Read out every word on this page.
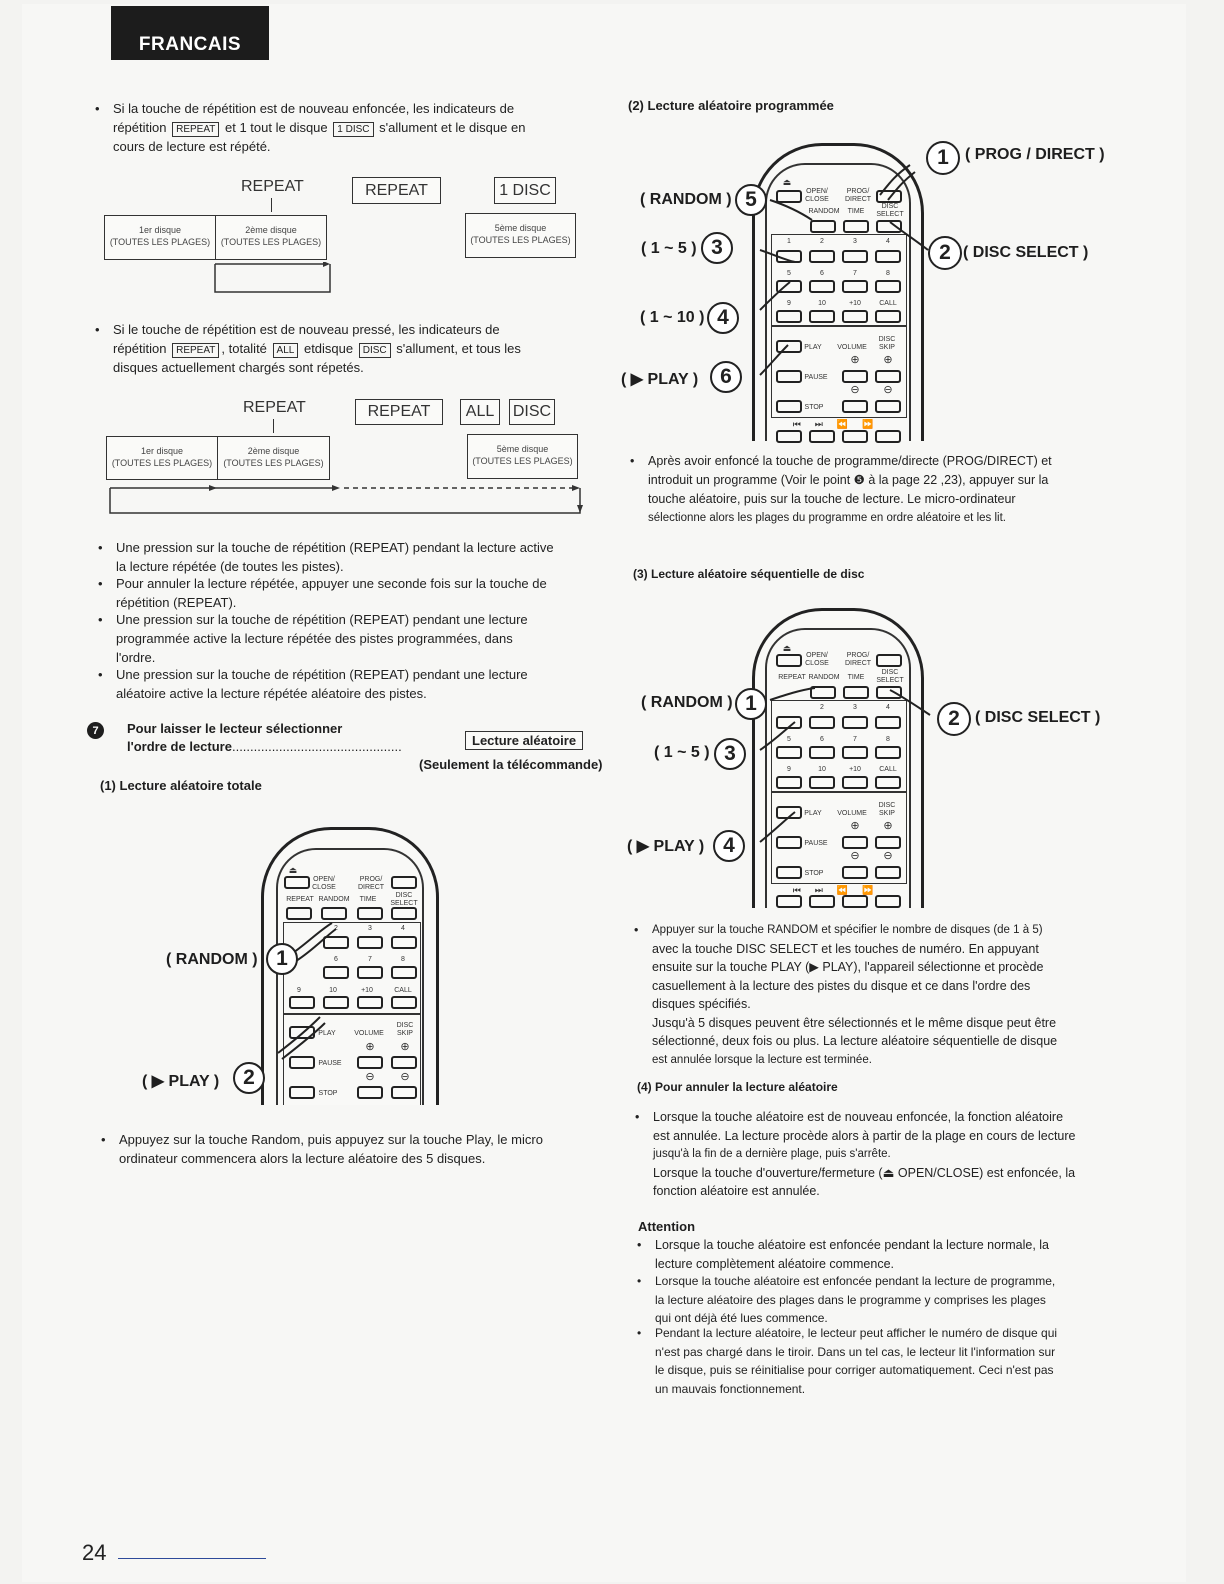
FRANCAIS
• Si la touche de répétition est de nouveau enfoncée, les indicateurs de
répétition REPEAT et 1 tout le disque 1 DISC s'allument et le disque en
cours de lecture est répété.
REPEAT	REPEAT	1 DISC
1er disque
(TOUTES LES PLAGES)
2ème disque
(TOUTES LES PLAGES)
5ème disque
(TOUTES LES PLAGES)
• Si le touche de répétition est de nouveau pressé, les indicateurs de
répétition REPEAT , totalité ALL etdisque DISC s'allument, et tous les
disques actuellement chargés sont répetés.
REPEAT	REPEAT	ALL	DISC
1er disque
(TOUTES LES PLAGES)
2ème disque
(TOUTES LES PLAGES)
5ème disque
(TOUTES LES PLAGES)
• Une pression sur la touche de répétition (REPEAT) pendant la lecture active
la lecture répétée (de toutes les pistes).
• Pour annuler la lecture répétée, appuyer une seconde fois sur la touche de
répétition (REPEAT).
• Une pression sur la touche de répétition (REPEAT) pendant une lecture
programmée active la lecture répétée des pistes programmées, dans
l'ordre.
• Une pression sur la touche de répétition (REPEAT) pendant une lecture
aléatoire active la lecture répétée aléatoire des pistes.
7	Pour laisser le lecteur sélectionner
l'ordre de lecture...............................................	Lecture aléatoire
(Seulement la télécommande)
(1) Lecture aléatoire totale
⏏
OPEN/ CLOSE
PROG/ DIRECT
REPEAT RANDOM	TIME
DISC SELECT
2	3	4
6	7	8
9	10	+10	CALL
PLAY	VOLUME
DISC SKIP
⊕ ⊕
PAUSE
⊖ ⊖
STOP
( RANDOM ) 1
( ▶ PLAY )	2
• Appuyez sur la touche Random, puis appuyez sur la touche Play, le micro
ordinateur commencera alors la lecture aléatoire des 5 disques.
(2) Lecture aléatoire programmée
⏏
OPEN/ CLOSE
PROG/ DIRECT
RANDOM	TIME
DISC SELECT
1	2	3	4
5	6	7	8
9	10	+10	CALL
PLAY	VOLUME
DISC SKIP
⊕ ⊕
PAUSE
⊖ ⊖
STOP
⏮⏭⏪⏩
1	( PROG / DIRECT )
( RANDOM ) 5
2 ( DISC SELECT )
( 1 ~ 5 ) 3
( 1 ~ 10 ) 4
( ▶ PLAY )	6
• Après avoir enfoncé la touche de programme/directe (PROG/DIRECT) et
introduit un programme (Voir le point ❺ à la page 22 ,23), appuyer sur la
touche aléatoire, puis sur la touche de lecture. Le micro-ordinateur
sélectionne alors les plages du programme en ordre aléatoire et les lit.
(3) Lecture aléatoire séquentielle de disc
⏏
OPEN/ CLOSE
PROG/ DIRECT
REPEAT RANDOM	TIME
DISC SELECT
2	3	4
5	6	7	8
9	10	+10	CALL
PLAY	VOLUME
DISC SKIP
⊕ ⊕
PAUSE
⊖ ⊖
STOP
⏮⏭⏪⏩
( RANDOM ) 1
2 ( DISC SELECT )
( 1 ~ 5 ) 3
( ▶ PLAY ) 4
• Appuyer sur la touche RANDOM et spécifier le nombre de disques (de 1 à 5)
avec la touche DISC SELECT et les touches de numéro. En appuyant
ensuite sur la touche PLAY (▶ PLAY), l'appareil sélectionne et procède
casuellement à la lecture des pistes du disque et ce dans l'ordre des
disques spécifiés.
Jusqu'à 5 disques peuvent être sélectionnés et le même disque peut être
sélectionné, deux fois ou plus. La lecture aléatoire séquentielle de disque
est annulée lorsque la lecture est terminée.
(4) Pour annuler la lecture aléatoire
• Lorsque la touche aléatoire est de nouveau enfoncée, la fonction aléatoire
est annulée. La lecture procède alors à partir de la plage en cours de lecture
jusqu'à la fin de a dernière plage, puis s'arrête.
Lorsque la touche d'ouverture/fermeture (⏏ OPEN/CLOSE) est enfoncée, la
fonction aléatoire est annulée.
Attention
• Lorsque la touche aléatoire est enfoncée pendant la lecture normale, la
lecture complètement aléatoire commence.
• Lorsque la touche aléatoire est enfoncée pendant la lecture de programme,
la lecture aléatoire des plages dans le programme y comprises les plages
qui ont déjà été lues commence.
• Pendant la lecture aléatoire, le lecteur peut afficher le numéro de disque qui
n'est pas chargé dans le tiroir. Dans un tel cas, le lecteur lit l'information sur
le disque, puis se réinitialise pour corriger automatiquement. Ceci n'est pas
un mauvais fonctionnement.
24
